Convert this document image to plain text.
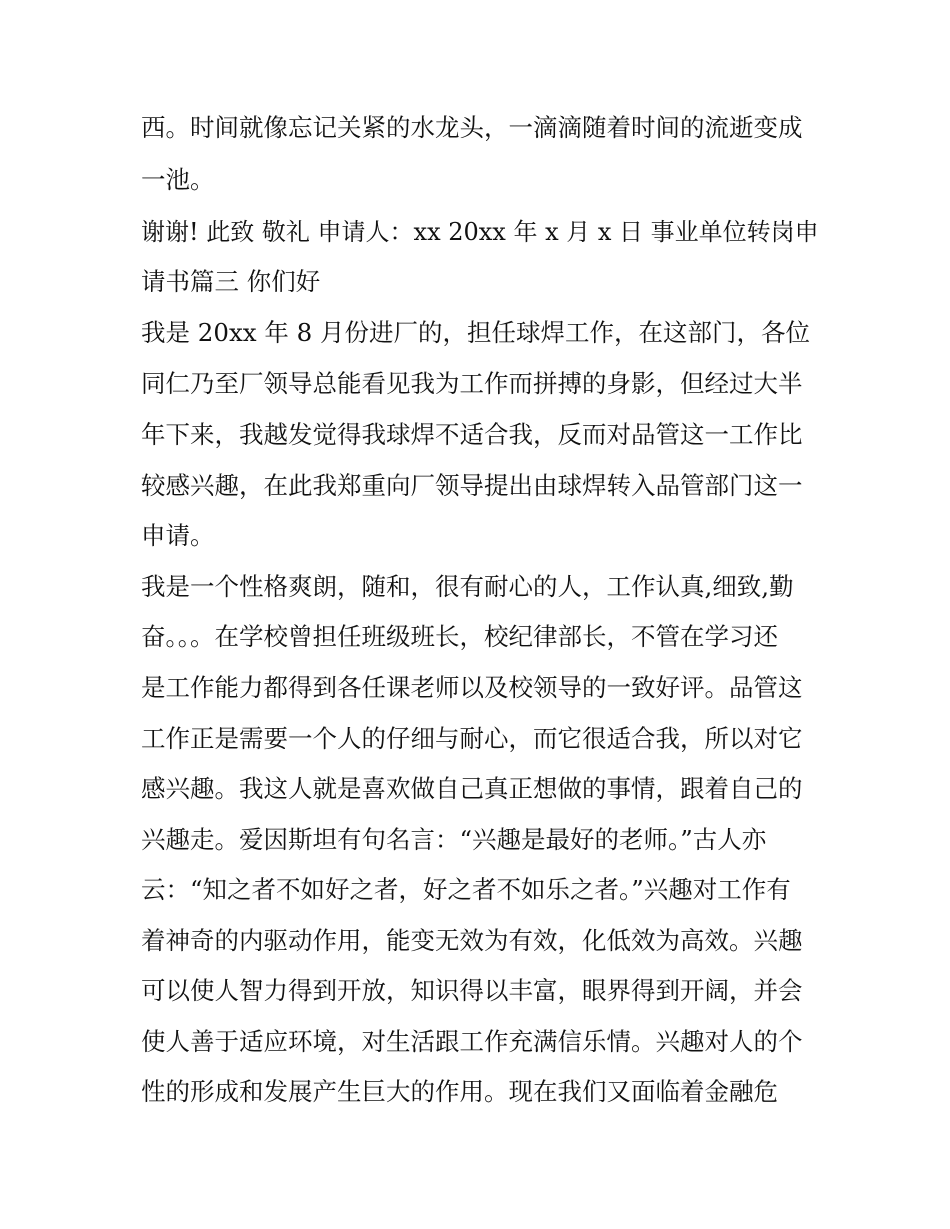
西。时间就像忘记关紧的水龙头，一滴滴随着时间的流逝变成
一池。
谢谢! 此致 敬礼 申请人：xx 20xx 年 x 月 x 日 事业单位转岗申
请书篇三 你们好
我是 20xx 年 8 月份进厂的，担任球焊工作，在这部门，各位
同仁乃至厂领导总能看见我为工作而拼搏的身影，但经过大半
年下来，我越发觉得我球焊不适合我，反而对品管这一工作比
较感兴趣，在此我郑重向厂领导提出由球焊转入品管部门这一
申请。
我是一个性格爽朗，随和，很有耐心的人，工作认真,细致,勤
奋。。。在学校曾担任班级班长，校纪律部长，不管在学习还
是工作能力都得到各任课老师以及校领导的一致好评。品管这
工作正是需要一个人的仔细与耐心，而它很适合我，所以对它
感兴趣。我这人就是喜欢做自己真正想做的事情，跟着自己的
兴趣走。爱因斯坦有句名言：“兴趣是最好的老师。”古人亦
云：“知之者不如好之者，好之者不如乐之者。”兴趣对工作有
着神奇的内驱动作用，能变无效为有效，化低效为高效。兴趣
可以使人智力得到开放，知识得以丰富，眼界得到开阔，并会
使人善于适应环境，对生活跟工作充满信乐情。兴趣对人的个
性的形成和发展产生巨大的作用。现在我们又面临着金融危
